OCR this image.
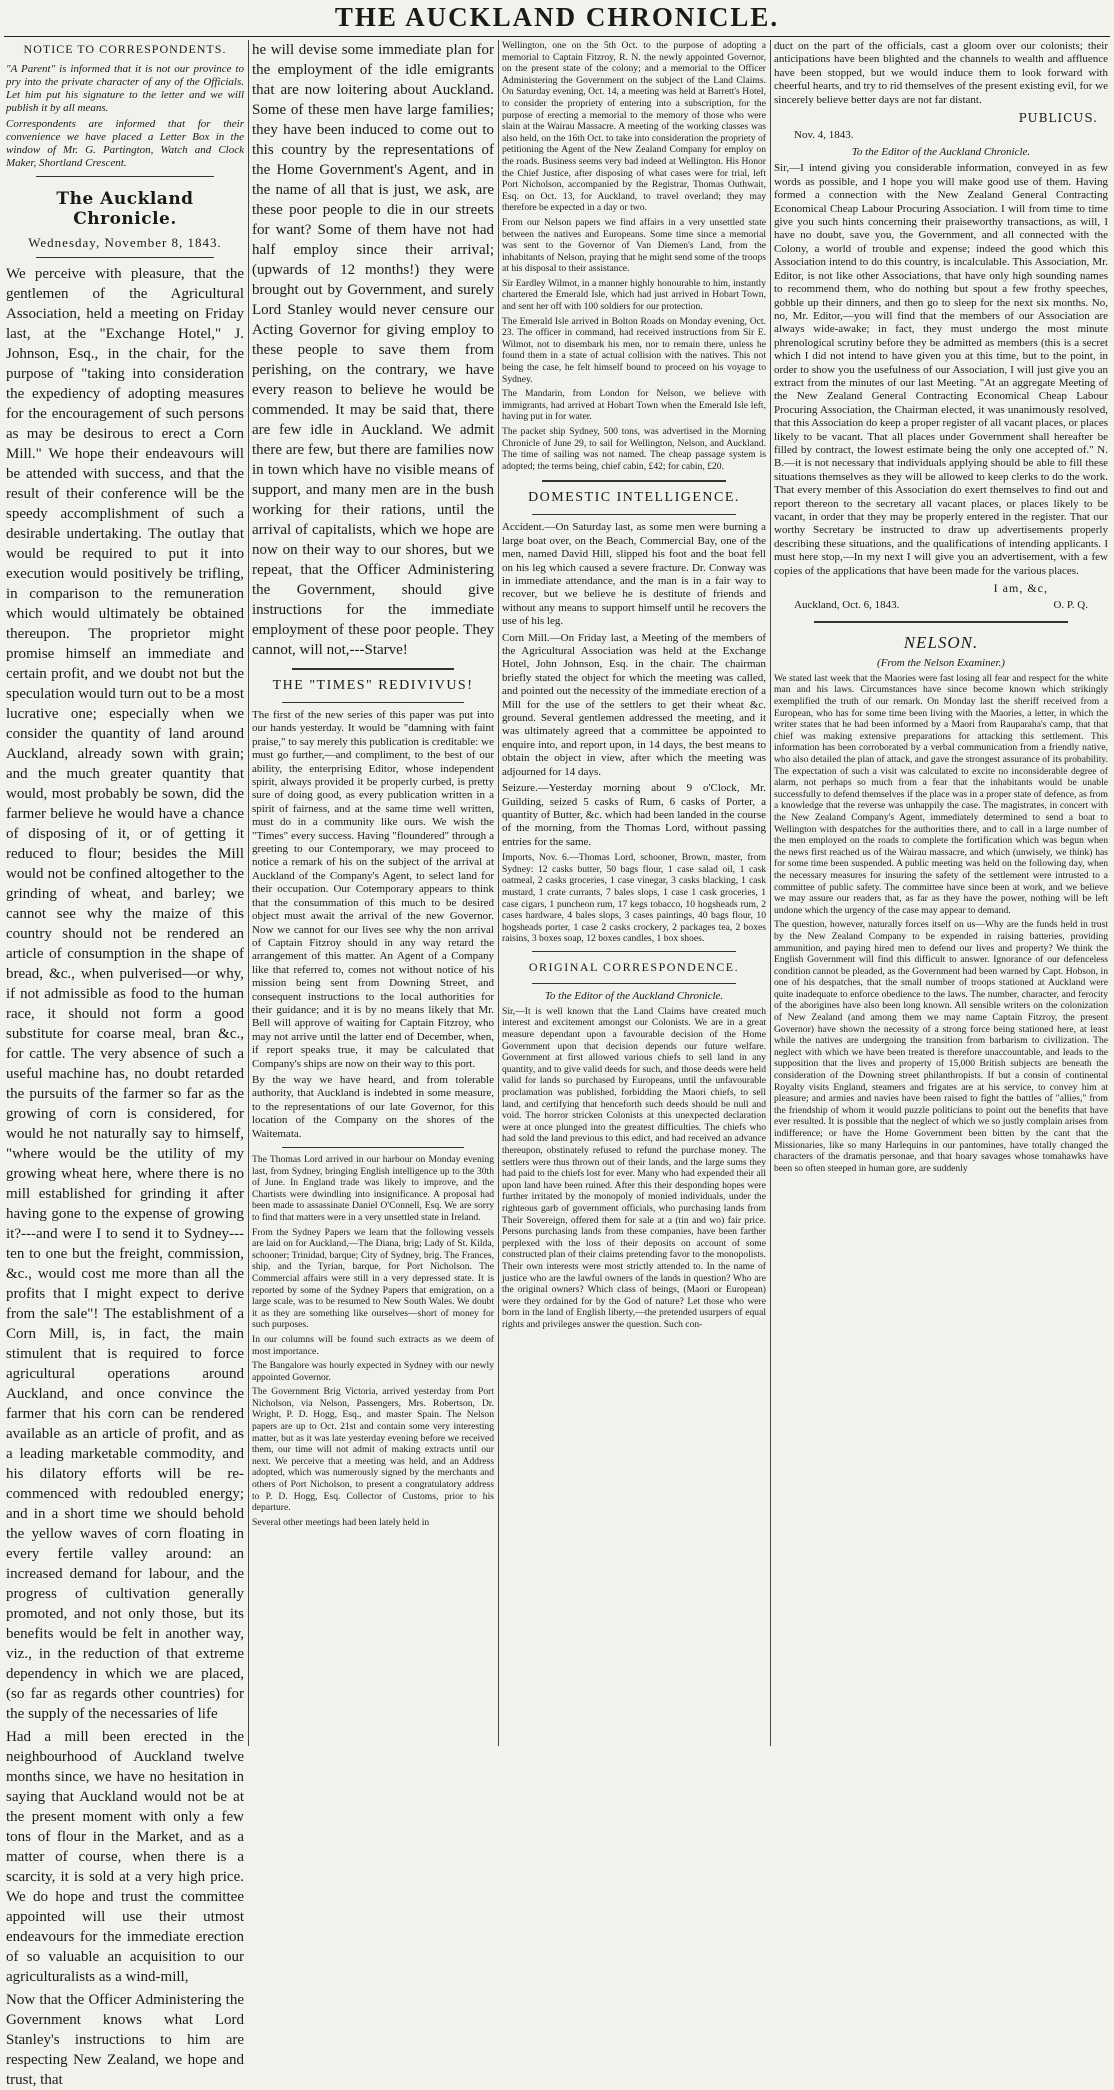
THE AUCKLAND CHRONICLE.
NOTICE TO CORRESPONDENTS.

"A Parent" is informed that it is not our province to pry into the private character of any of the Officials. Let him put his signature to the letter and we will publish it by all means.

Correspondents are informed that for their convenience we have placed a Letter Box in the window of Mr. G. Partington, Watch and Clock Maker, Shortland Crescent.

The Auckland Chronicle.
Wednesday, November 8, 1843.

We perceive with pleasure, that the gentlemen of the Agricultural Association, held a meeting on Friday last, at the "Exchange Hotel," J. Johnson, Esq., in the chair, for the purpose of "taking into consideration the expediency of adopting measures for the encouragement of such persons as may be desirous to erect a Corn Mill." We hope their endeavours will be attended with success, and that the result of their conference will be the speedy accomplishment of such a desirable undertaking. The outlay that would be required to put it into execution would positively be trifling, in comparison to the remuneration which would ultimately be obtained thereupon. The proprietor might promise himself an immediate and certain profit, and we doubt not but the speculation would turn out to be a most lucrative one; especially when we consider the quantity of land around Auckland, already sown with grain; and the much greater quantity that would, most probably be sown, did the farmer believe he would have a chance of disposing of it, or of getting it reduced to flour; besides the Mill would not be confined altogether to the grinding of wheat, and barley; we cannot see why the maize of this country should not be rendered an article of consumption in the shape of bread, &c., when pulverised—or why, if not admissible as food to the human race, it should not form a good substitute for coarse meal, bran &c., for cattle. The very absence of such a useful machine has, no doubt retarded the pursuits of the farmer so far as the growing of corn is considered, for would he not naturally say to himself, "where would be the utility of my growing wheat here, where there is no mill established for grinding it after having gone to the expense of growing it?---and were I to send it to Sydney---ten to one but the freight, commission, &c., would cost me more than all the profits that I might expect to derive from the sale"! The establishment of a Corn Mill, is, in fact, the main stimulent that is required to force agricultural operations around Auckland, and once convince the farmer that his corn can be rendered available as an article of profit, and as a leading marketable commodity, and his dilatory efforts will be re-commenced with redoubled energy; and in a short time we should behold the yellow waves of corn floating in every fertile valley around: an increased demand for labour, and the progress of cultivation generally promoted, and not only those, but its benefits would be felt in another way, viz., in the reduction of that extreme dependency in which we are placed, (so far as regards other countries) for the supply of the necessaries of life

Had a mill been erected in the neighbourhood of Auckland twelve months since, we have no hesitation in saying that Auckland would not be at the present moment with only a few tons of flour in the Market, and as a matter of course, when there is a scarcity, it is sold at a very high price. We do hope and trust the committee appointed will use their utmost endeavours for the immediate erection of so valuable an acquisition to our agriculturalists as a wind-mill,

Now that the Officer Administering the Government knows what Lord Stanley's instructions to him are respecting New Zealand, we hope and trust, that

he will devise some immediate plan for the employment of the idle emigrants that are now loitering about Auckland. Some of these men have large families; they have been induced to come out to this country by the representations of the Home Government's Agent, and in the name of all that is just, we ask, are these poor people to die in our streets for want? Some of them have not had half employ since their arrival; (upwards of 12 months!) they were brought out by Government, and surely Lord Stanley would never censure our Acting Governor for giving employ to these people to save them from perishing, on the contrary, we have every reason to believe he would be commended. It may be said that, there are few idle in Auckland. We admit there are few, but there are families now in town which have no visible means of support, and many men are in the bush working for their rations, until the arrival of capitalists, which we hope are now on their way to our shores, but we repeat, that the Officer Administering the Government, should give instructions for the immediate employment of these poor people. They cannot, will not,---Starve!

THE "TIMES" REDIVIVUS!

The first of the new series of this paper was put into our hands yesterday. It would be "damning with faint praise," to say merely this publication is creditable: we must go further,—and compliment, to the best of our ability, the enterprising Editor, whose independent spirit, always provided it be properly curbed, is pretty sure of doing good, as every publication written in a spirit of fairness, and at the same time well written, must do in a community like ours. We wish the "Times" every success. Having "floundered" through a greeting to our Contemporary, we may proceed to notice a remark of his on the subject of the arrival at Auckland of the Company's Agent, to select land for their occupation. Our Cotemporary appears to think that the consummation of this much to be desired object must await the arrival of the new Governor. Now we cannot for our lives see why the non arrival of Captain Fitzroy should in any way retard the arrangement of this matter. An Agent of a Company like that referred to, comes not without notice of his mission being sent from Downing Street, and consequent instructions to the local authorities for their guidance; and it is by no means likely that Mr. Bell will approve of waiting for Captain Fitzroy, who may not arrive until the latter end of December, when, if report speaks true, it may be calculated that Company's ships are now on their way to this port.

By the way we have heard, and from tolerable authority, that Auckland is indebted in some measure, to the representations of our late Governor, for this location of the Company on the shores of the Waitemata.

The Thomas Lord arrived in our harbour on Monday evening last, from Sydney, bringing English intelligence up to the 30th of June. In England trade was likely to improve, and the Chartists were dwindling into insignificance. A proposal had been made to assassinate Daniel O'Connell, Esq. We are sorry to find that matters were in a very unsettled state in Ireland.

From the Sydney Papers we learn that the following vessels are laid on for Auckland,—The Diana, brig; Lady of St. Kilda, schooner; Trinidad, barque; City of Sydney, brig. The Frances, ship, and the Tyrian, barque, for Port Nicholson. The Commercial affairs were still in a very depressed state. It is reported by some of the Sydney Papers that emigration, on a large scale, was to be resumed to New South Wales. We doubt it as they are something like ourselves—short of money for such purposes.

In our columns will be found such extracts as we deem of most importance.

The Bangalore was hourly expected in Sydney with our newly appointed Governor.

The Government Brig Victoria, arrived yesterday from Port Nicholson, via Nelson, Passengers, Mrs. Robertson, Dr. Wright, P. D. Hogg, Esq., and master Spain. The Nelson papers are up to Oct. 21st and contain some very interesting matter, but as it was late yesterday evening before we received them, our time will not admit of making extracts until our next. We perceive that a meeting was held, and an Address adopted, which was numerously signed by the merchants and others of Port Nicholson, to present a congratulatory address to P. D. Hogg, Esq. Collector of Customs, prior to his departure.

Several other meetings had been lately held in

Wellington, one on the 5th Oct. to the purpose of adopting a memorial to Captain Fitzroy, R. N. the newly appointed Governor, on the present state of the colony; and a memorial to the Officer Administering the Government on the subject of the Land Claims. On Saturday evening, Oct. 14, a meeting was held at Barrett's Hotel, to consider the propriety of entering into a subscription, for the purpose of erecting a memorial to the memory of those who were slain at the Wairau Massacre. A meeting of the working classes was also held, on the 16th Oct. to take into consideration the propriety of petitioning the Agent of the New Zealand Company for employ on the roads. Business seems very bad indeed at Wellington. His Honor the Chief Justice, after disposing of what cases were for trial, left Port Nicholson, accompanied by the Registrar, Thomas Outhwait, Esq. on Oct. 13, for Auckland, to travel overland; they may therefore be expected in a day or two.

From our Nelson papers we find affairs in a very unsettled state between the natives and Europeans. Some time since a memorial was sent to the Governor of Van Diemen's Land, from the inhabitants of Nelson, praying that he might send some of the troops at his disposal to their assistance.

Sir Eardley Wilmot, in a manner highly honourable to him, instantly chartered the Emerald Isle, which had just arrived in Hobart Town, and sent her off with 100 soldiers for our protection.

The Emerald Isle arrived in Bolton Roads on Monday evening, Oct. 23. The officer in command, had received instructions from Sir E. Wilmot, not to disembark his men, nor to remain there, unless he found them in a state of actual collision with the natives. This not being the case, he felt himself bound to proceed on his voyage to Sydney.

The Mandarin, from London for Nelson, we believe with immigrants, had arrived at Hobart Town when the Emerald Isle left, having put in for water.

The packet ship Sydney, 500 tons, was advertised in the Morning Chronicle of June 29, to sail for Wellington, Nelson, and Auckland. The time of sailing was not named. The cheap passage system is adopted; the terms being, chief cabin, £42; for cabin, £20.

DOMESTIC INTELLIGENCE.

Accident.—On Saturday last, as some men were burning a large boat over, on the Beach, Commercial Bay, one of the men, named David Hill, slipped his foot and the boat fell on his leg which caused a severe fracture. Dr. Conway was in immediate attendance, and the man is in a fair way to recover, but we believe he is destitute of friends and without any means to support himself until he recovers the use of his leg.

Corn Mill.—On Friday last, a Meeting of the members of the Agricultural Association was held at the Exchange Hotel, John Johnson, Esq. in the chair. The chairman briefly stated the object for which the meeting was called, and pointed out the necessity of the immediate erection of a Mill for the use of the settlers to get their wheat &c. ground. Several gentlemen addressed the meeting, and it was ultimately agreed that a committee be appointed to enquire into, and report upon, in 14 days, the best means to obtain the object in view, after which the meeting was adjourned for 14 days.

Seizure.—Yesterday morning about 9 o'Clock, Mr. Guilding, seized 5 casks of Rum, 6 casks of Porter, a quantity of Butter, &c. which had been landed in the course of the morning, from the Thomas Lord, without passing entries for the same.

Imports, Nov. 6.—Thomas Lord, schooner, Brown, master, from Sydney: 12 casks butter, 50 bags flour, 1 case salad oil, 1 cask oatmeal, 2 casks groceries, 1 case vinegar, 3 casks blacking, 1 cask mustard, 1 crate currants, 7 bales slops, 1 case 1 cask groceries, 1 case cigars, 1 puncheon rum, 17 kegs tobacco, 10 hogsheads rum, 2 cases hardware, 4 bales slops, 3 cases paintings, 40 bags flour, 10 hogsheads porter, 1 case 2 casks crockery, 2 packages tea, 2 boxes raisins, 3 boxes soap, 12 boxes candles, 1 box shoes.

ORIGINAL CORRESPONDENCE.
To the Editor of the Auckland Chronicle.

Sir,—It is well known that the Land Claims have created much interest and excitement amongst our Colonists. We are in a great measure dependant upon a favourable decision of the Home Government upon that decision depends our future welfare. Government at first allowed various chiefs to sell land in any quantity, and to give valid deeds for such, and those deeds were held valid for lands so purchased by Europeans, until the unfavourable proclamation was published, forbidding the Maori chiefs, to sell land, and certifying that henceforth such deeds should be null and void. The horror stricken Colonists at this unexpected declaration were at once plunged into the greatest difficulties. The chiefs who had sold the land previous to this edict, and had received an advance thereupon, obstinately refused to refund the purchase money. The settlers were thus thrown out of their lands, and the large sums they had paid to the chiefs lost for ever. Many who had expended their all upon land have been ruined. After this their desponding hopes were further irritated by the monopoly of monied individuals, under the righteous garb of government officials, who purchasing lands from Their Sovereign, offered them for sale at a (tin and wo) fair price. Persons purchasing lands from these companies, have been farther perplexed with the loss of their deposits on account of some constructed plan of their claims pretending favor to the monopolists. Their own interests were most strictly attended to. In the name of justice who are the lawful owners of the lands in question? Who are the original owners? Which class of beings, (Maori or European) were they ordained for by the God of nature? Let those who were born in the land of English liberty,—the pretended usurpers of equal rights and privileges answer the question. Such con-

duct on the part of the officials, cast a gloom over our colonists; their anticipations have been blighted and the channels to wealth and affluence have been stopped, but we would induce them to look forward with cheerful hearts, and try to rid themselves of the present existing evil, for we sincerely believe better days are not far distant.

PUBLICUS.
Nov. 4, 1843.
To the Editor of the Auckland Chronicle.

Sir,—I intend giving you considerable information, conveyed in as few words as possible, and I hope you will make good use of them. Having formed a connection with the New Zealand General Contracting Economical Cheap Labour Procuring Association. I will from time to time give you such hints concerning their praiseworthy transactions, as will, I have no doubt, save you, the Government, and all connected with the Colony, a world of trouble and expense; indeed the good which this Association intend to do this country, is incalculable. This Association, Mr. Editor, is not like other Associations, that have only high sounding names to recommend them, who do nothing but spout a few frothy speeches, gobble up their dinners, and then go to sleep for the next six months. No, no, Mr. Editor,—you will find that the members of our Association are always wide-awake; in fact, they must undergo the most minute phrenological scrutiny before they be admitted as members (this is a secret which I did not intend to have given you at this time, but to the point, in order to show you the usefulness of our Association, I will just give you an extract from the minutes of our last Meeting. "At an aggregate Meeting of the New Zealand General Contracting Economical Cheap Labour Procuring Association, the Chairman elected, it was unanimously resolved, that this Association do keep a proper register of all vacant places, or places likely to be vacant. That all places under Government shall hereafter be filled by contract, the lowest estimate being the only one accepted of." N. B.—it is not necessary that individuals applying should be able to fill these situations themselves as they will be allowed to keep clerks to do the work. That every member of this Association do exert themselves to find out and report thereon to the secretary all vacant places, or places likely to be vacant, in order that they may be properly entered in the register. That our worthy Secretary be instructed to draw up advertisements properly describing these situations, and the qualifications of intending applicants. I must here stop,—In my next I will give you an advertisement, with a few copies of the applications that have been made for the various places.

I am, &c,
Auckland, Oct. 6, 1843.	O. P. Q.
NELSON.
(From the Nelson Examiner.)

We stated last week that the Maories were fast losing all fear and respect for the white man and his laws. Circumstances have since become known which strikingly exemplified the truth of our remark. On Monday last the sheriff received from a European, who has for some time been living with the Maories, a letter, in which the writer states that he had been informed by a Maori from Rauparaha's camp, that that chief was making extensive preparations for attacking this settlement. This information has been corroborated by a verbal communication from a friendly native, who also detailed the plan of attack, and gave the strongest assurance of its probability. The expectation of such a visit was calculated to excite no inconsiderable degree of alarm, not perhaps so much from a fear that the inhabitants would be unable successfully to defend themselves if the place was in a proper state of defence, as from a knowledge that the reverse was unhappily the case. The magistrates, in concert with the New Zealand Company's Agent, immediately determined to send a boat to Wellington with despatches for the authorities there, and to call in a large number of the men employed on the roads to complete the fortification which was begun when the news first reached us of the Wairau massacre, and which (unwisely, we think) has for some time been suspended. A public meeting was held on the following day, when the necessary measures for insuring the safety of the settlement were intrusted to a committee of public safety. The committee have since been at work, and we believe we may assure our readers that, as far as they have the power, nothing will be left undone which the urgency of the case may appear to demand.

The question, however, naturally forces itself on us—Why are the funds held in trust by the New Zealand Company to be expended in raising batteries, providing ammunition, and paying hired men to defend our lives and property? We think the English Government will find this difficult to answer. Ignorance of our defenceless condition cannot be pleaded, as the Government had been warned by Capt. Hobson, in one of his despatches, that the small number of troops stationed at Auckland were quite inadequate to enforce obedience to the laws. The number, character, and ferocity of the aborigines have also been long known. All sensible writers on the colonization of New Zealand (and among them we may name Captain Fitzroy, the present Governor) have shown the necessity of a strong force being stationed here, at least while the natives are undergoing the transition from barbarism to civilization. The neglect with which we have been treated is therefore unaccountable, and leads to the supposition that the lives and property of 15,000 British subjects are beneath the consideration of the Downing street philanthropists. If but a consin of continental Royalty visits England, steamers and frigates are at his service, to convey him at pleasure; and armies and navies have been raised to fight the battles of "allies," from the friendship of whom it would puzzle politicians to point out the benefits that have ever resulted. It is possible that the neglect of which we so justly complain arises from indifference; or have the Home Government been bitten by the cant that the Missionaries, like so many Harlequins in our pantomines, have totally changed the characters of the dramatis personae, and that hoary savages whose tomahawks have been so often steeped in human gore, are suddenly
